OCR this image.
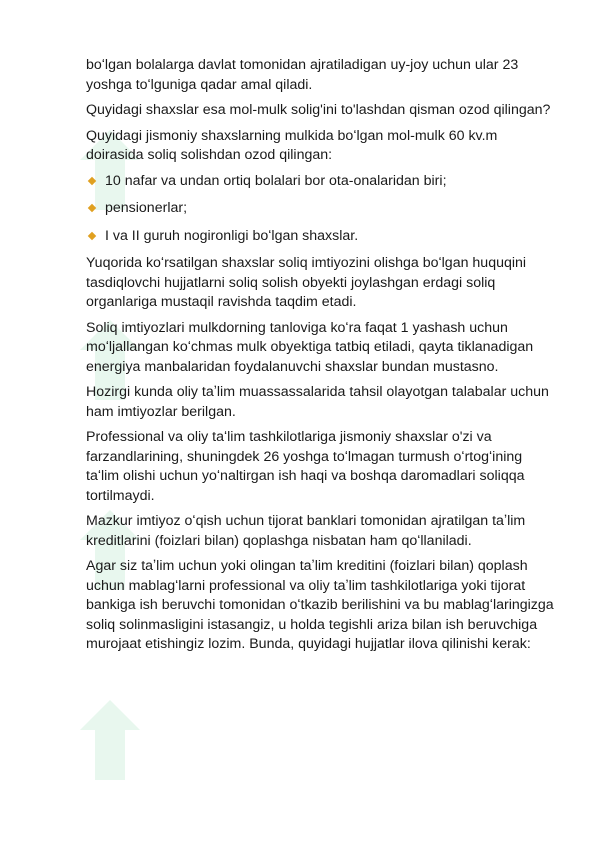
boʻlgan bolalarga davlat tomonidan ajratiladigan uy-joy uchun ular 23 yoshga toʻlguniga qadar amal qiladi.

Quyidagi shaxslar esa mol-mulk solig'ini to'lashdan qisman ozod qilingan?

Quyidagi jismoniy shaxslarning mulkida boʻlgan mol-mulk 60 kv.m doirasida soliq solishdan ozod qilingan:

10 nafar va undan ortiq bolalari bor ota-onalaridan biri;
pensionerlar;
I va II guruh nogironligi boʻlgan shaxslar.

Yuqorida koʻrsatilgan shaxslar soliq imtiyozini olishga boʻlgan huquqini tasdiqlovchi hujjatlarni soliq solish obyekti joylashgan erdagi soliq organlariga mustaqil ravishda taqdim etadi.

Soliq imtiyozlari mulkdorning tanloviga koʻra faqat 1 yashash uchun moʻljallangan koʻchmas mulk obyektiga tatbiq etiladi, qayta tiklanadigan energiya manbalaridan foydalanuvchi shaxslar bundan mustasno.

Hozirgi kunda oliy taʼlim muassassalarida tahsil olayotgan talabalar uchun ham imtiyozlar berilgan.

Professional va oliy taʻlim tashkilotlariga jismoniy shaxslar o'zi va farzandlarining, shuningdek 26 yoshga toʻlmagan turmush oʻrtogʻining taʻlim olishi uchun yoʻnaltirgan ish haqi va boshqa daromadlari soliqqa tortilmaydi.

Mazkur imtiyoz oʻqish uchun tijorat banklari tomonidan ajratilgan taʼlim kreditlarini (foizlari bilan) qoplashga nisbatan ham qoʻllaniladi.

Agar siz taʼlim uchun yoki olingan taʼlim kreditini (foizlari bilan) qoplash uchun mablagʻlarni professional va oliy taʼlim tashkilotlariga yoki tijorat bankiga ish beruvchi tomonidan oʻtkazib berilishini va bu mablagʻlaringizga soliq solinmasligini istasangiz, u holda tegishli ariza bilan ish beruvchiga murojaat etishingiz lozim. Bunda, quyidagi hujjatlar ilova qilinishi kerak:
